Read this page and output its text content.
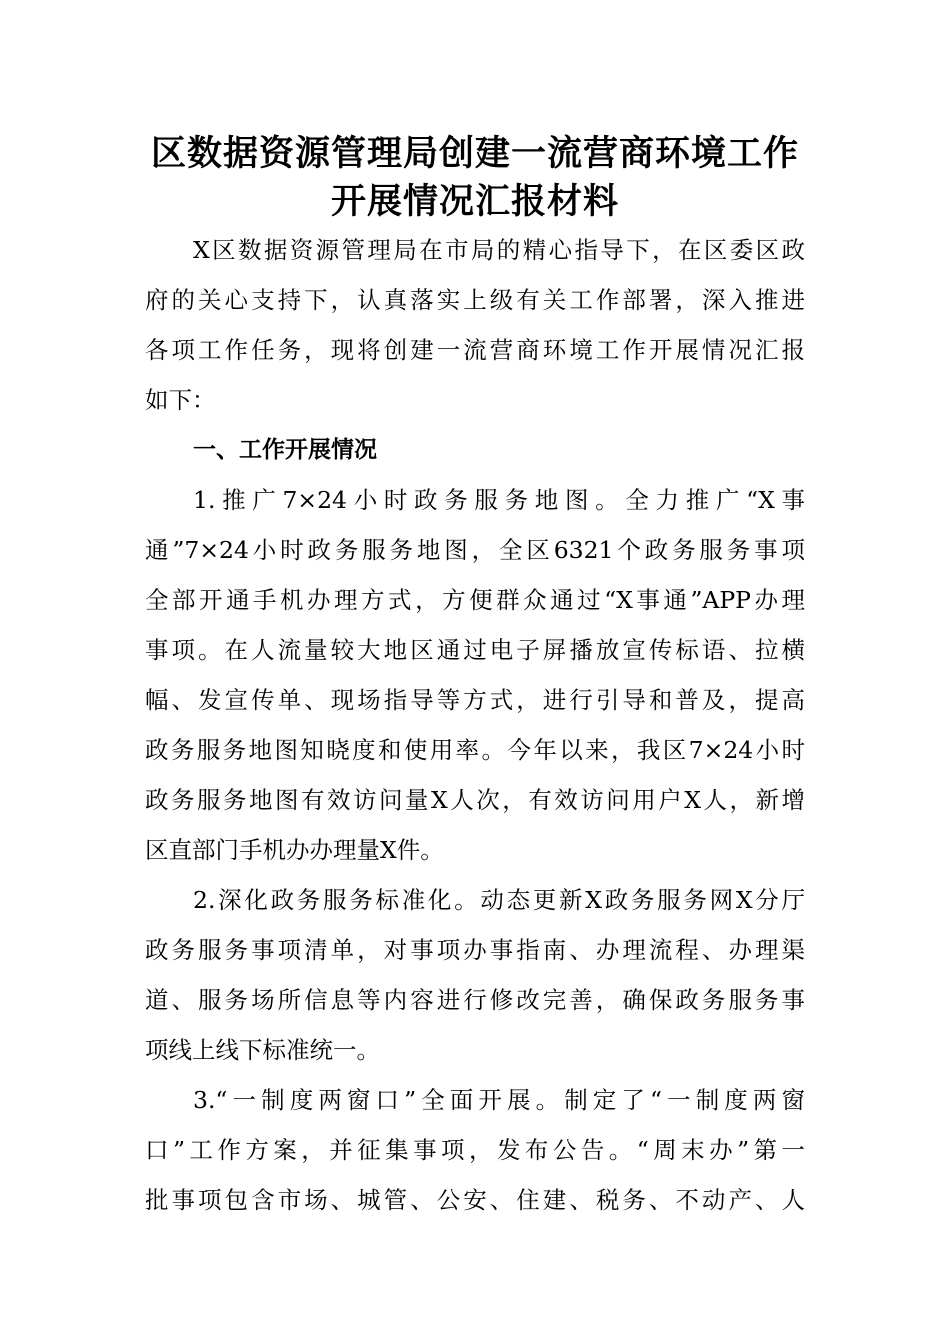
区数据资源管理局创建一流营商环境工作
开展情况汇报材料
X区数据资源管理局在市局的精心指导下，在区委区政
府的关心支持下，认真落实上级有关工作部署，深入推进
各项工作任务，现将创建一流营商环境工作开展情况汇报
如下：
一、工作开展情况
1.推广7×24小时政务服务地图。全力推广“X事
通”7×24小时政务服务地图，全区6321个政务服务事项
全部开通手机办理方式，方便群众通过“X事通”APP办理
事项。在人流量较大地区通过电子屏播放宣传标语、拉横
幅、发宣传单、现场指导等方式，进行引导和普及，提高
政务服务地图知晓度和使用率。今年以来，我区7×24小时
政务服务地图有效访问量X人次，有效访问用户X人，新增
区直部门手机办办理量X件。
2.深化政务服务标准化。动态更新X政务服务网X分厅
政务服务事项清单，对事项办事指南、办理流程、办理渠
道、服务场所信息等内容进行修改完善，确保政务服务事
项线上线下标准统一。
3.“一制度两窗口”全面开展。制定了“一制度两窗
口”工作方案，并征集事项，发布公告。“周末办”第一
批事项包含市场、城管、公安、住建、税务、不动产、人
